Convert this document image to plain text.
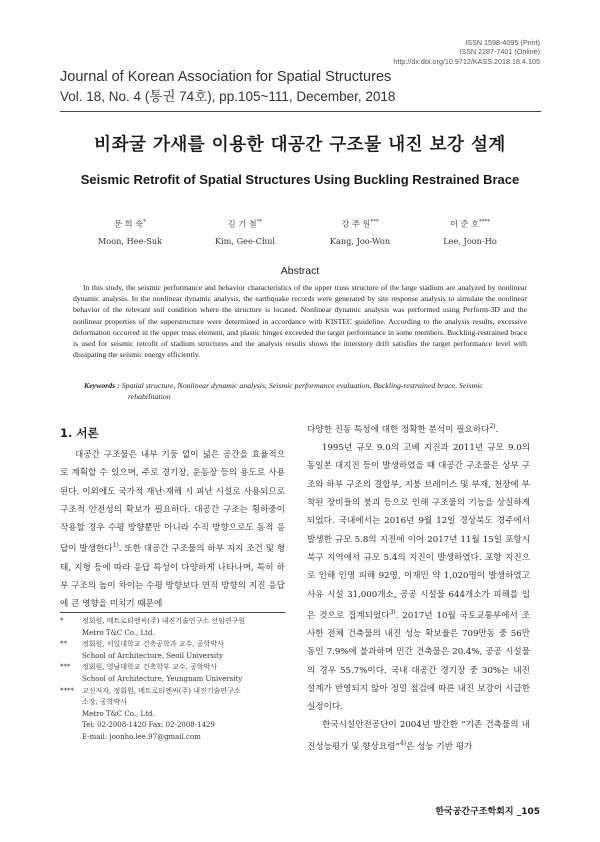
ISSN 1598-4095 (Print)
ISSN 2287-7401 (Online)
http://dx.doi.org/10.9712/KASS.2018.18.4.105
Journal of Korean Association for Spatial Structures
Vol. 18, No. 4 (통권 74호), pp.105~111, December, 2018
비좌굴 가새를 이용한 대공간 구조물 내진 보강 설계
Seismic Retrofit of Spatial Structures Using Buckling Restrained Brace
문 희 숙*
Moon, Hee-Suk
김 기 철**
Kim, Gee-Chul
강 주 원***
Kang, Joo-Won
이 준 호****
Lee, Joon-Ho
Abstract
In this study, the seismic performance and behavior characteristics of the upper truss structure of the large stadium are analyzed by nonlinear dynamic analysis. In the nonlinear dynamic analysis, the earthquake records were generated by site response analysis to simulate the nonlinear behavior of the relevant soil condition where the structure is located. Nonlinear dynamic analysis was performed using Perform-3D and the nonlinear properties of the superstructure were determined in accordance with KISTEC guideline. According to the analysis results, excessive deformation occurred in the upper truss element, and plastic hinges exceeded the target performance in some members. Buckling-restrained brace is used for seismic retrofit of stadium structures and the analysis results shows the interstory drift satisfies the target performance level with dissipating the seismic energy efficiently.
Keywords : Spatial structure, Nonlinear dynamic analysis, Seismic performance evaluation, Buckling-restrained brace, Seismic
rehabilitation
1. 서론

대공간 구조물은 내부 기둥 없이 넓은 공간을 효율적으로 계획할 수 있으며, 주로 경기장, 운동장 등의 용도로 사용된다. 이외에도 국가적 재난·재해 시 피난 시설로 사용되므로 구조적 안전성의 확보가 필요하다. 대공간 구조는 횡하중이 작용할 경우 수평 방향뿐만 아니라 수직 방향으로도 동적 응답이 발생한다$^{1)}$. 또한 대공간 구조물의 하부 지지 조건 및 형태, 지형 등에 따라 응답 특성이 다양하게 나타나며, 특히 하부 구조의 높이 차이는 수평 방향보다 연직 방향의 지진 응답에 큰 영향을 미치기 때문에

다양한 진동 특성에 대한 정확한 분석이 필요하다$^{2)}$.

1995년 규모 9.0의 고베 지진과 2011년 규모 9.0의 동일본 대지진 등이 발생하였을 때 대공간 구조물은 상부 구조와 하부 구조의 결합부, 지붕 브레이스 및 부재, 천장에 부착된 장비들의 붕괴 등으로 인해 구조물의 기능을 상실하게 되었다. 국내에서는 2016년 9월 12일 경상북도 경주에서 발생한 규모 5.8의 지진에 이어 2017년 11월 15일 포항시 북구 지역에서 규모 5.4의 지진이 발생하였다. 포항 지진으로 인해 인명 피해 92명, 이재민 약 1,020명이 발생하였고 사유 시설 31,000개소, 공공 시설물 644개소가 피해를 입은 것으로 집계되었다$^{3)}$. 2017년 10월 국토교통부에서 조사한 전체 건축물의 내진 성능 확보율은 709만동 중 56만동인 7.9%에 불과하며 민간 건축물은 20.4%, 공공 시설물의 경우 55.7%이다. 국내 대공간 경기장 중 30%는 내진 설계가 반영되지 않아 정밀 점검에 따른 내진 보강이 시급한 실정이다.

한국시설안전공단이 2004년 발간한 “기존 건축물의 내진성능평가 및 향상요령”$^{4)}$은 성능 기반 평가

*	정회원, 메트로티엔씨(주) 내진기술연구소 선임연구원
Metro T&C Co., Ltd.
**	정회원, 서일대학교 건축공학과 교수, 공학박사
School of Architecture, Seoil University
***	정회원, 영남대학교 건축학부 교수, 공학박사
School of Architecture, Yeungnam University
****	교신저자, 정회원, 메트로티엔씨(주) 내진기술연구소
소장, 공학박사
Metro T&C Co., Ltd.
Tel: 02-2008-1420 Fax: 02-2008-1429
E-mail: joonho.lee.97@gmail.com
한국공간구조학회지 _105
